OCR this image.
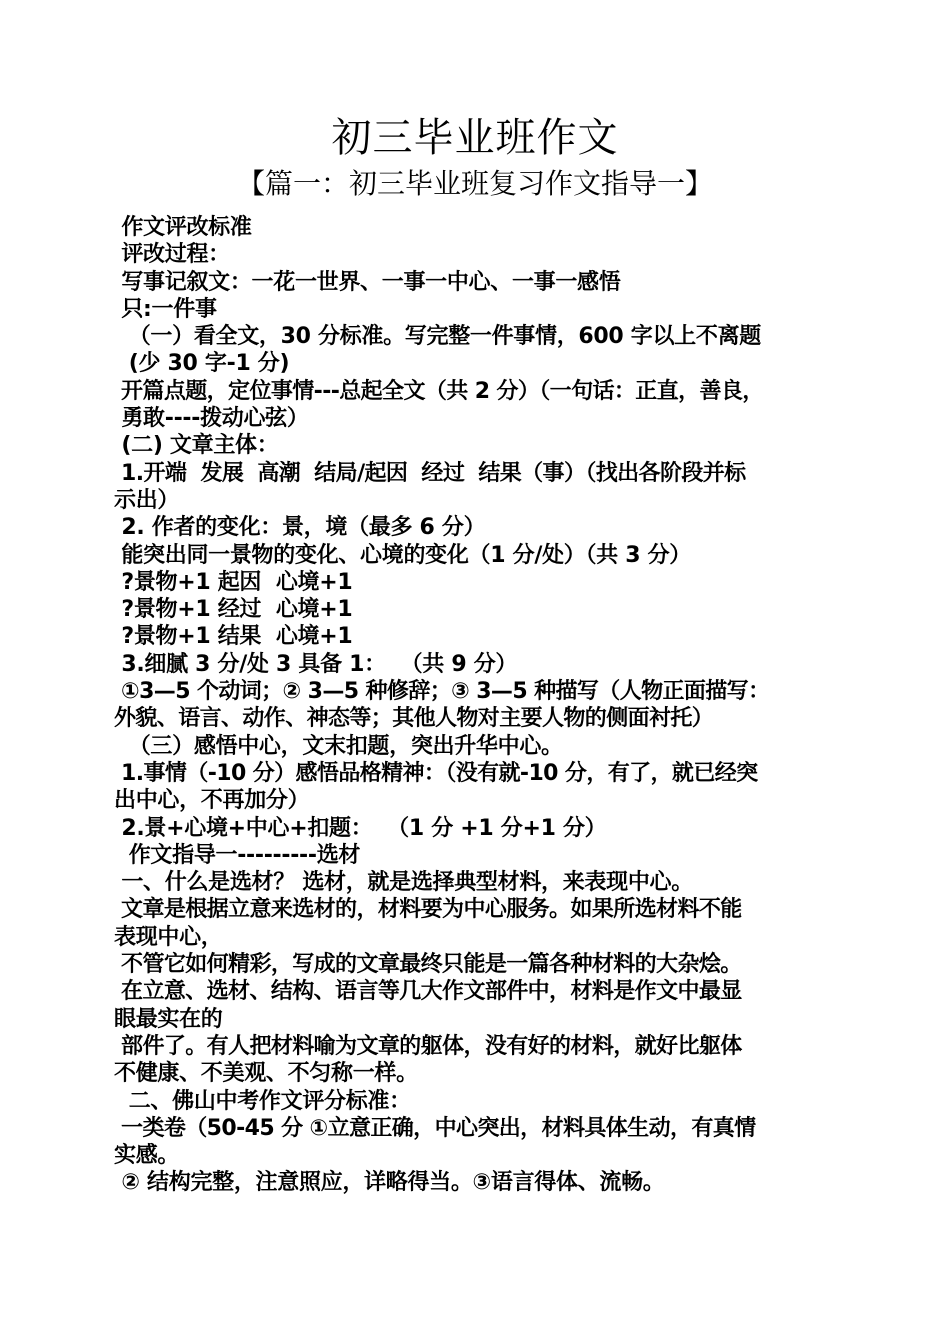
初三毕业班作文
【篇一：初三毕业班复习作文指导一】
作文评改标准
评改过程：
写事记叙文：一花一世界、一事一中心、一事一感悟
只:一件事
（一）看全文，30 分标准。写完整一件事情，600 字以上不离题
(少 30 字-1 分)
开篇点题，定位事情---总起全文（共 2 分）（一句话：正直，善良，
勇敢----拨动心弦）
(二) 文章主体：
1.开端  发展  高潮  结局/起因  经过  结果（事）（找出各阶段并标
示出）
2. 作者的变化：景，境（最多 6 分）
能突出同一景物的变化、心境的变化（1 分/处）（共 3 分）
?景物+1 起因  心境+1
?景物+1 经过  心境+1
?景物+1 结果  心境+1
3.细腻 3 分/处 3 具备 1：  （共 9 分）
①3—5 个动词；② 3—5 种修辞；③ 3—5 种描写（人物正面描写：
外貌、语言、动作、神态等；其他人物对主要人物的侧面衬托）
（三）感悟中心，文末扣题，突出升华中心。
1.事情（-10 分）感悟品格精神：（没有就-10 分，有了，就已经突
出中心，不再加分）
2.景+心境+中心+扣题：  （1 分 +1 分+1 分）
作文指导一---------选材
一、什么是选材？ 选材，就是选择典型材料，来表现中心。
文章是根据立意来选材的，材料要为中心服务。如果所选材料不能
表现中心，
不管它如何精彩，写成的文章最终只能是一篇各种材料的大杂烩。
在立意、选材、结构、语言等几大作文部件中，材料是作文中最显
眼最实在的
部件了。有人把材料喻为文章的躯体，没有好的材料，就好比躯体
不健康、不美观、不匀称一样。
二、佛山中考作文评分标准：
一类卷（50-45 分 ①立意正确，中心突出，材料具体生动，有真情
实感。
② 结构完整，注意照应，详略得当。③语言得体、流畅。
